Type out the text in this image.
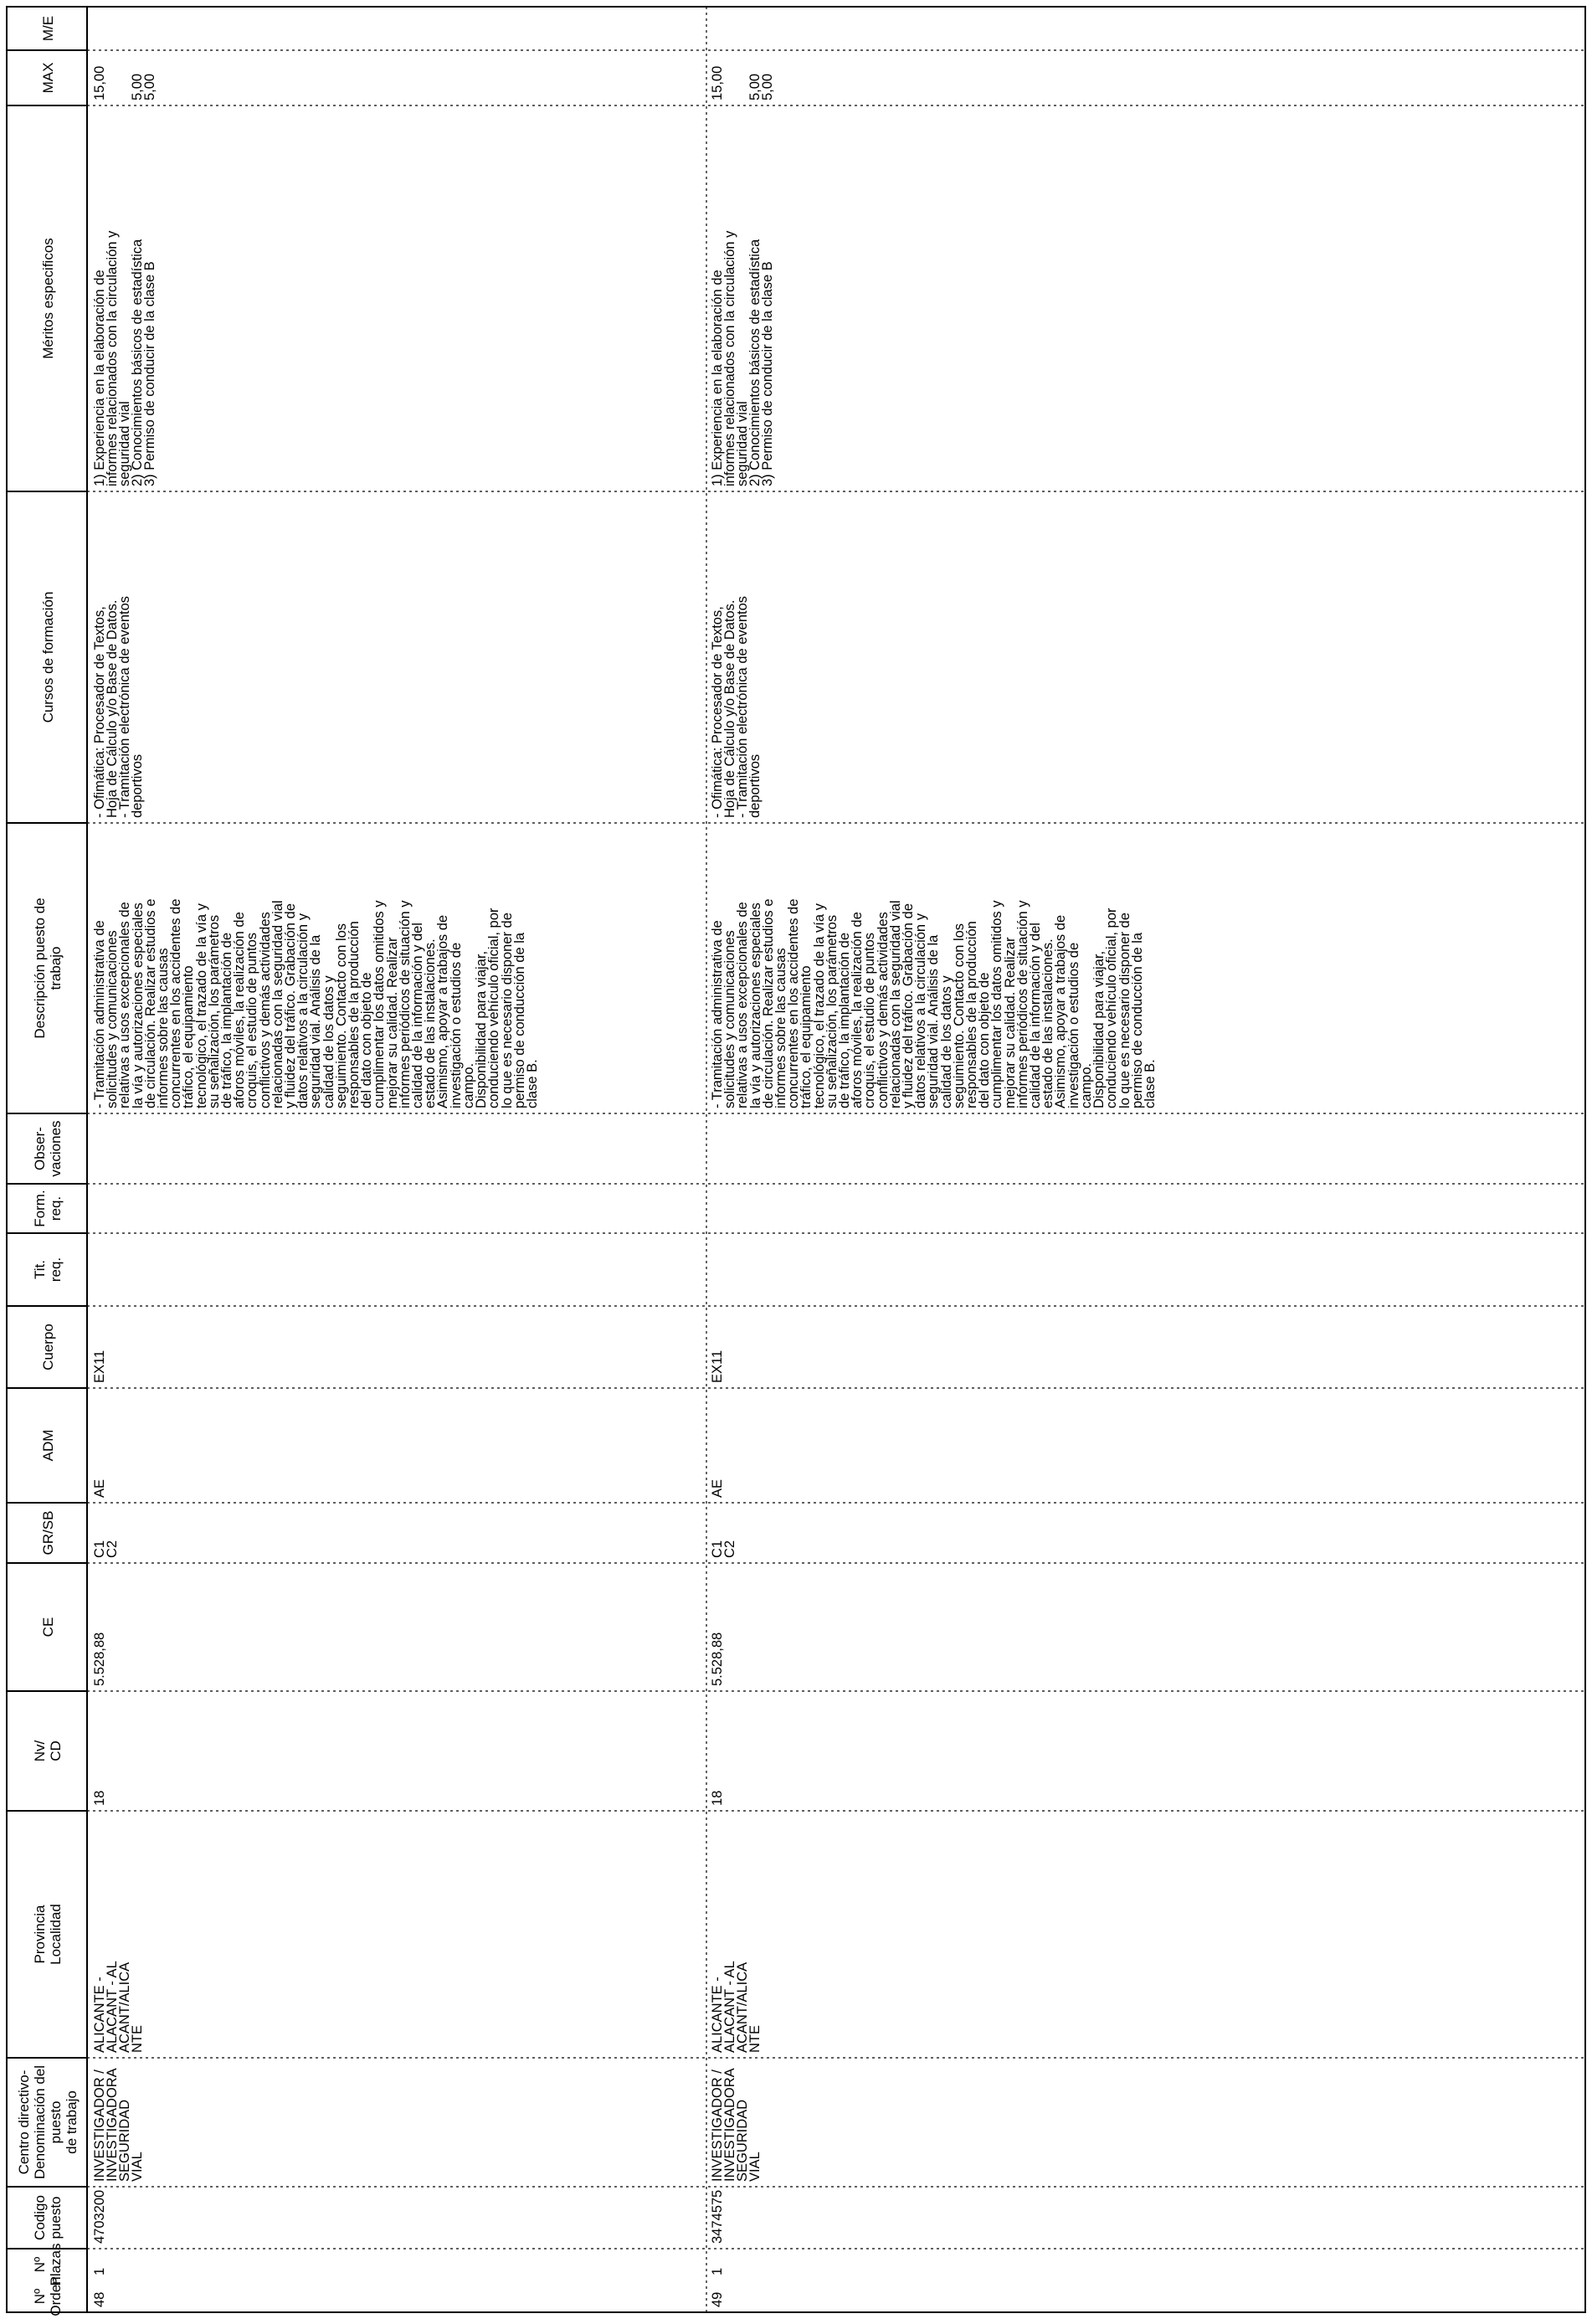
M/E
MAX
Méritos especificos
Cursos de formación
Descripción puesto de
trabajo
Obser-
vaciones
Form.
req.
Tit.
req.
Cuerpo
ADM
GR/SB
CE
Nv/
CD
Provincia
Localidad
Centro directivo-
Denominación del puesto
de trabajo
Codigo
puesto
Nº
Plazas
Nº
Orden
15,00

5,00
5,00
1) Experiencia en la elaboración de
informes relacionados con la circulación y
seguridad vial
2) Conocimientos básicos de estadística
3) Permiso de conducir de la clase B
- Ofimática: Procesador de Textos,
Hoja de Cálculo y/o Base de Datos.
- Tramitación electrónica de eventos
deportivos
- Tramitación administrativa de
solicitudes y comunicaciones
relativas a usos excepcionales de
la vía y autorizaciones especiales
de circulación. Realizar estudios e
informes sobre las causas
concurrentes en los accidentes de
tráfico, el equipamiento
tecnológico, el trazado de la vía y
su señalización, los parámetros
de tráfico, la implantación de
aforos móviles, la realización de
croquis, el estudio de puntos
conflictivos y demás actividades
relacionadas con la seguridad vial
y fluidez del tráfico. Grabación de
datos relativos a la circulación y
seguridad vial. Análisis de la
calidad de los datos y
seguimiento. Contacto con los
responsables de la producción
del dato con objeto de
cumplimentar los datos omitidos y
mejorar su calidad. Realizar
informes periódicos de situación y
calidad de la información y del
estado de las instalaciones.
Asimismo, apoyar a trabajos de
investigación o estudios de
campo.
Disponibilidad para viajar,
conduciendo vehículo oficial, por
lo que es necesario disponer de
permiso de conducción de la
clase B.
EX11
AE
C1
C2
5.528,88
18
ALICANTE -
ALACANT - AL
ACANT/ALICA
NTE
INVESTIGADOR /
INVESTIGADORA SEGURIDAD
VIAL
4703200
1
48
15,00

5,00
5,00
1) Experiencia en la elaboración de
informes relacionados con la circulación y
seguridad vial
2) Conocimientos básicos de estadística
3) Permiso de conducir de la clase B
- Ofimática: Procesador de Textos,
Hoja de Cálculo y/o Base de Datos.
- Tramitación electrónica de eventos
deportivos
- Tramitación administrativa de
solicitudes y comunicaciones
relativas a usos excepcionales de
la vía y autorizaciones especiales
de circulación. Realizar estudios e
informes sobre las causas
concurrentes en los accidentes de
tráfico, el equipamiento
tecnológico, el trazado de la vía y
su señalización, los parámetros
de tráfico, la implantación de
aforos móviles, la realización de
croquis, el estudio de puntos
conflictivos y demás actividades
relacionadas con la seguridad vial
y fluidez del tráfico. Grabación de
datos relativos a la circulación y
seguridad vial. Análisis de la
calidad de los datos y
seguimiento. Contacto con los
responsables de la producción
del dato con objeto de
cumplimentar los datos omitidos y
mejorar su calidad. Realizar
informes periódicos de situación y
calidad de la información y del
estado de las instalaciones.
Asimismo, apoyar a trabajos de
investigación o estudios de
campo.
Disponibilidad para viajar,
conduciendo vehículo oficial, por
lo que es necesario disponer de
permiso de conducción de la
clase B.
EX11
AE
C1
C2
5.528,88
18
ALICANTE -
ALACANT - AL
ACANT/ALICA
NTE
INVESTIGADOR /
INVESTIGADORA SEGURIDAD
VIAL
3474575
1
49
